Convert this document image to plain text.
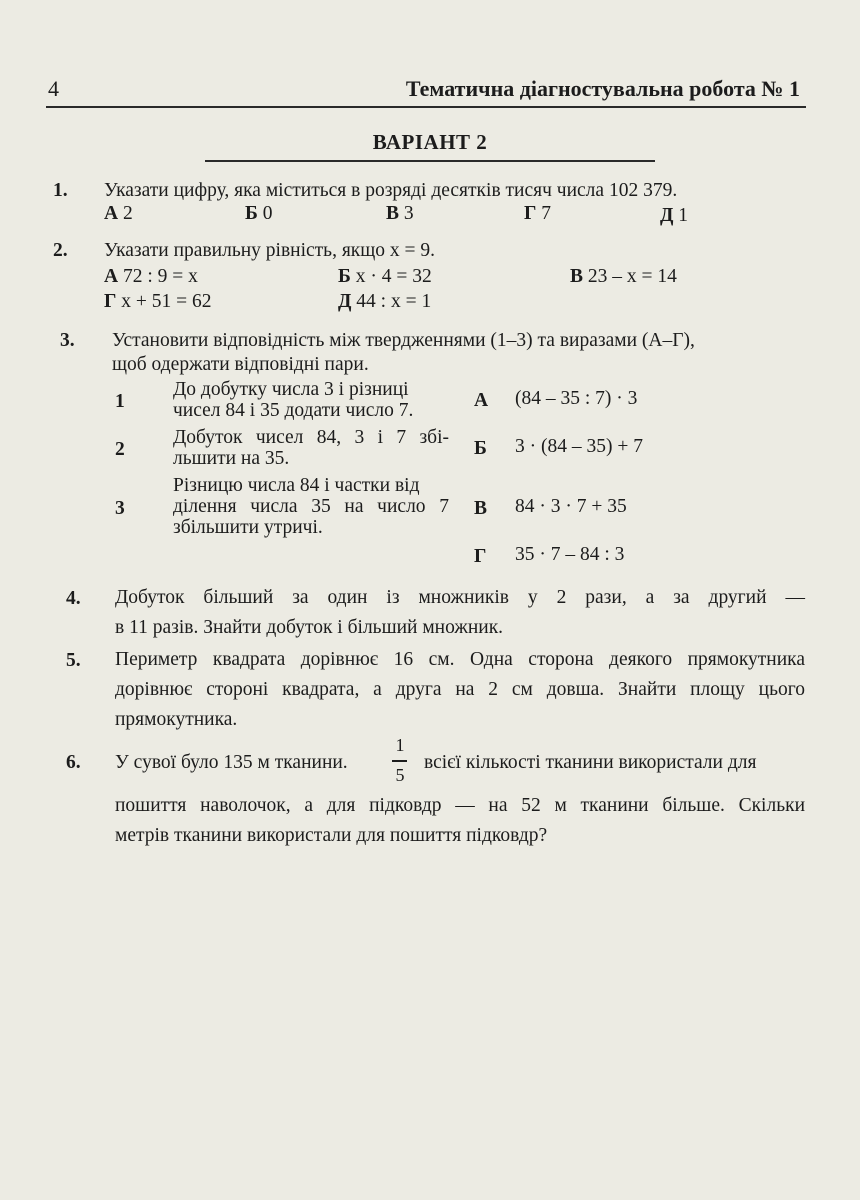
4	Тематична діагностувальна робота № 1
ВАРІАНТ 2
1. Указати цифру, яка міститься в розряді десятків тисяч числа 102 379.
А 2	Б 0	В 3	Г 7	Д 1
2. Указати правильну рівність, якщо x = 9.
А 72 : 9 = x	Б x · 4 = 32	В 23 – x = 14
Г x + 51 = 62	Д 44 : x = 1
3. Установити відповідність між твердженнями (1–3) та виразами (А–Г),
щоб одержати відповідні пари.
1
До добутку числа 3 і різниці
чисел 84 і 35 додати число 7.
2
Добуток чисел 84, 3 і 7 збі-
льшити на 35.
3
Різницю числа 84 і частки від
ділення числа 35 на число 7
збільшити утричі.
А (84 – 35 : 7) · 3
Б 3 · (84 – 35) + 7
В 84 · 3 · 7 + 35
Г 35 · 7 – 84 : 3
4. Добуток більший за один із множників у 2 рази, а за другий —
в 11 разів. Знайти добуток і більший множник.
5. Периметр квадрата дорівнює 16 см. Одна сторона деякого прямокутника
дорівнює стороні квадрата, а друга на 2 см довша. Знайти площу цього
прямокутника.
6. У сувої було 135 м тканини.
1
5
всієї кількості тканини використали для
пошиття наволочок, а для підковдр — на 52 м тканини більше. Скільки
метрів тканини використали для пошиття підковдр?
